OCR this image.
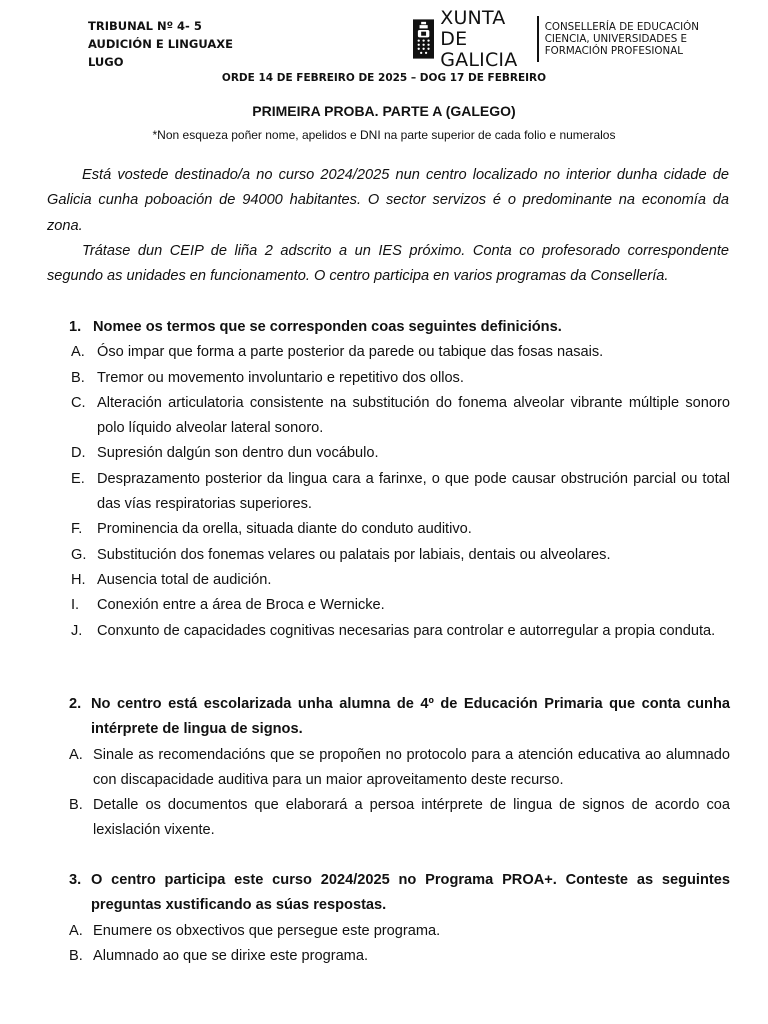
TRIBUNAL Nº 4- 5
AUDICIÓN E LINGUAXE
LUGO
XUNTA
DE GALICIA
CONSELLERÍA DE EDUCACIÓN
CIENCIA, UNIVERSIDADES E
FORMACIÓN PROFESIONAL
ORDE 14 DE FEBREIRO DE 2025 – DOG 17 DE FEBREIRO
PRIMEIRA PROBA. PARTE A (GALEGO)
*Non esqueza poñer nome, apelidos e DNI na parte superior de cada folio e numeralos

Está vostede destinado/a no curso 2024/2025 nun centro localizado no interior dunha cidade de Galicia cunha poboación de 94000 habitantes. O sector servizos é o predominante na economía da zona.

Trátase dun CEIP de liña 2 adscrito a un IES próximo. Conta co profesorado correspondente segundo as unidades en funcionamento. O centro participa en varios programas da Consellería.

1. Nomee os termos que se corresponden coas seguintes definicións.
A. Óso impar que forma a parte posterior da parede ou tabique das fosas nasais.
B. Tremor ou movemento involuntario e repetitivo dos ollos.
C. Alteración articulatoria consistente na substitución do fonema alveolar vibrante múltiple sonoro polo líquido alveolar lateral sonoro.
D. Supresión dalgún son dentro dun vocábulo.
E. Desprazamento posterior da lingua cara a farinxe, o que pode causar obstrución parcial ou total das vías respiratorias superiores.
F.	Prominencia da orella, situada diante do conduto auditivo.
G. Substitución dos fonemas velares ou palatais por labiais, dentais ou alveolares.
H. Ausencia total de audición.
I.	Conexión entre a área de Broca e Wernicke.
J.	Conxunto de capacidades cognitivas necesarias para controlar e autorregular a propia conduta.
2. No centro está escolarizada unha alumna de 4º de Educación Primaria que conta cunha intérprete de lingua de signos.
A. Sinale as recomendacións que se propoñen no protocolo para a atención educativa ao alumnado con discapacidade auditiva para un maior aproveitamento deste recurso.
B. Detalle os documentos que elaborará a persoa intérprete de lingua de signos de acordo coa lexislación vixente.
3. O centro participa este curso 2024/2025 no Programa PROA+. Conteste as seguintes preguntas xustificando as súas respostas.
A. Enumere os obxectivos que persegue este programa.
B. Alumnado ao que se dirixe este programa.
